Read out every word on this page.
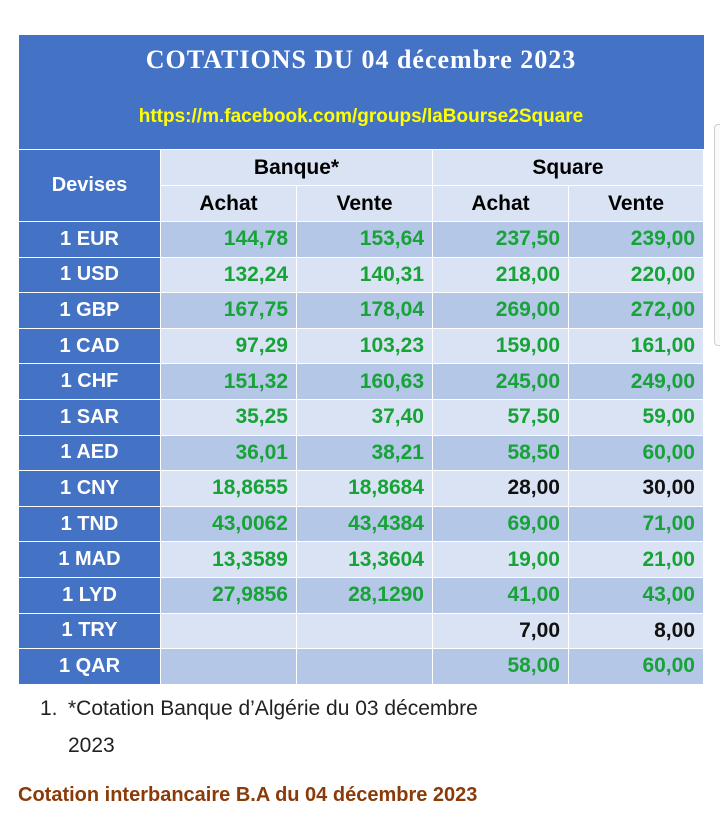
COTATIONS DU 04 décembre 2023				
https://m.facebook.com/groups/laBourse2Square				
Devises	Banque*		Square	
	Achat	Vente	Achat	Vente
1 EUR	144,78	153,64	237,50	239,00
1 USD	132,24	140,31	218,00	220,00
1 GBP	167,75	178,04	269,00	272,00
1 CAD	97,29	103,23	159,00	161,00
1 CHF	151,32	160,63	245,00	249,00
1 SAR	35,25	37,40	57,50	59,00
1 AED	36,01	38,21	58,50	60,00
1 CNY	18,8655	18,8684	28,00	30,00
1 TND	43,0062	43,4384	69,00	71,00
1 MAD	13,3589	13,3604	19,00	21,00
1 LYD	27,9856	28,1290	41,00	43,00
1 TRY			7,00	8,00
1 QAR			58,00	60,00
1. *Cotation Banque d’Algérie du 03 décembre
2023
Cotation interbancaire B.A du 04 décembre 2023
